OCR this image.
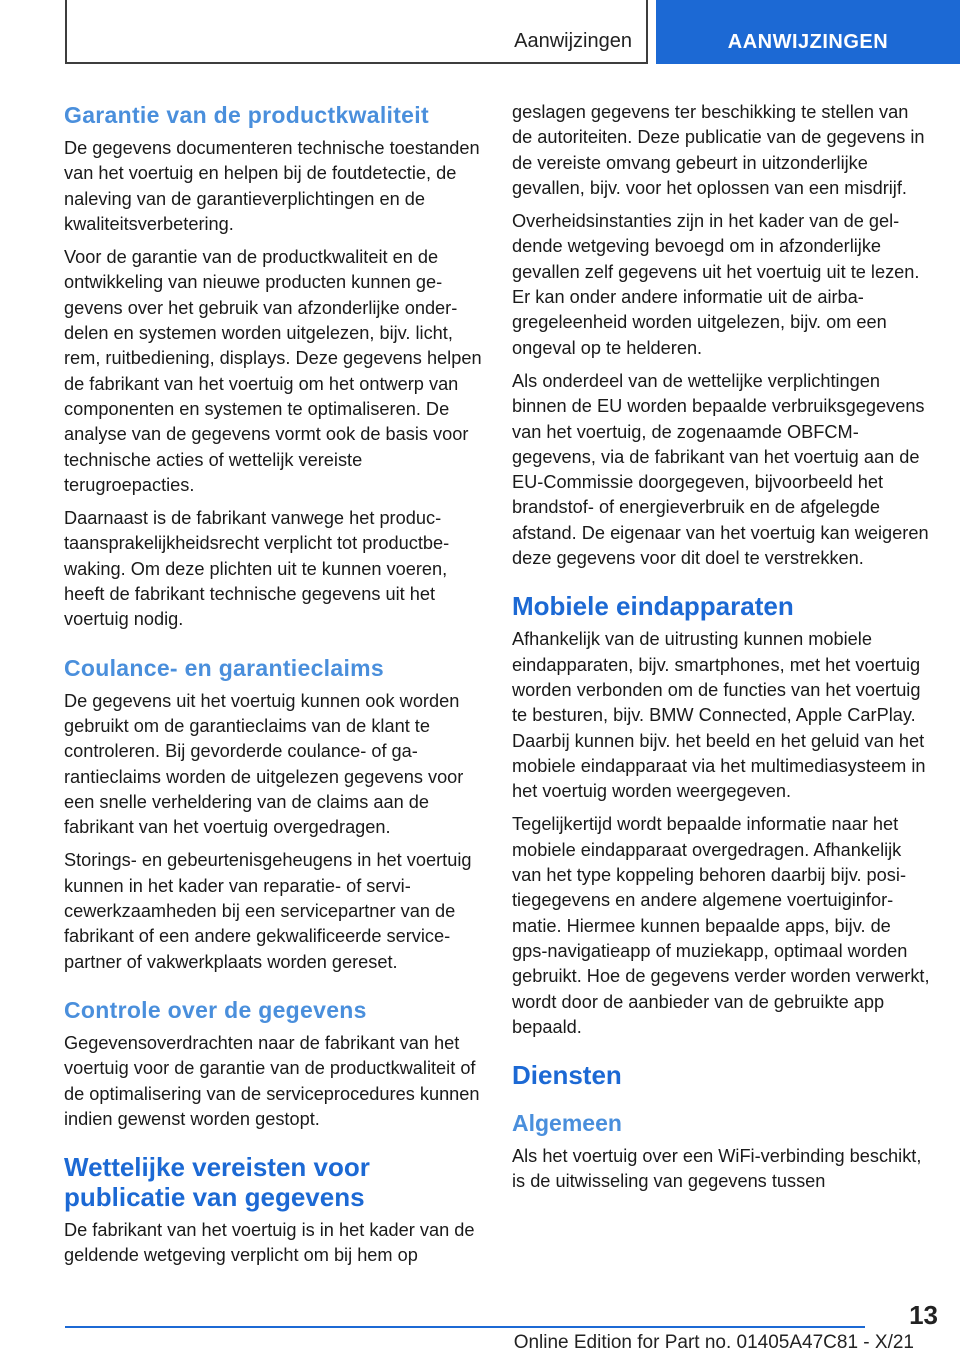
Aanwijzingen	AANWIJZINGEN
Garantie van de productkwaliteit

De gegevens documenteren technische toestanden van het voertuig en helpen bij de foutdetectie, de naleving van de garantieverplichtingen en de kwaliteitsverbetering.

Voor de garantie van de productkwaliteit en de ontwikkeling van nieuwe producten kunnen gegevens over het gebruik van afzonderlijke onderdelen en systemen worden uitgelezen, bijv. licht, rem, ruitbediening, displays. Deze gegevens helpen de fabrikant van het voertuig om het ontwerp van componenten en systemen te optimaliseren. De analyse van de gegevens vormt ook de basis voor technische acties of wettelijk vereiste terugroepacties.

Daarnaast is de fabrikant vanwege het productaansprakelijkheidsrecht verplicht tot productbewaking. Om deze plichten uit te kunnen voeren, heeft de fabrikant technische gegevens uit het voertuig nodig.

Coulance- en garantieclaims

De gegevens uit het voertuig kunnen ook worden gebruikt om de garantieclaims van de klant te controleren. Bij gevorderde coulance- of garantieclaims worden de uitgelezen gegevens voor een snelle verheldering van de claims aan de fabrikant van het voertuig overgedragen.

Storings- en gebeurtenisgeheugens in het voertuig kunnen in het kader van reparatie- of servicewerkzaamheden bij een servicepartner van de fabrikant of een andere gekwalificeerde servicepartner of vakwerkplaats worden gereset.

Controle over de gegevens

Gegevensoverdrachten naar de fabrikant van het voertuig voor de garantie van de productkwaliteit of de optimalisering van de serviceprocedures kunnen indien gewenst worden gestopt.

Wettelijke vereisten voor publicatie van gegevens

De fabrikant van het voertuig is in het kader van de geldende wetgeving verplicht om bij hem op

geslagen gegevens ter beschikking te stellen van de autoriteiten. Deze publicatie van de gegevens in de vereiste omvang gebeurt in uitzonderlijke gevallen, bijv. voor het oplossen van een misdrijf.

Overheidsinstanties zijn in het kader van de geldende wetgeving bevoegd om in afzonderlijke gevallen zelf gegevens uit het voertuig uit te lezen. Er kan onder andere informatie uit de airbagregeleenheid worden uitgelezen, bijv. om een ongeval op te helderen.

Als onderdeel van de wettelijke verplichtingen binnen de EU worden bepaalde verbruiksgegevens van het voertuig, de zogenaamde OBFCM-gegevens, via de fabrikant van het voertuig aan de EU-Commissie doorgegeven, bijvoorbeeld het brandstof- of energieverbruik en de afgelegde afstand. De eigenaar van het voertuig kan weigeren deze gegevens voor dit doel te verstrekken.

Mobiele eindapparaten

Afhankelijk van de uitrusting kunnen mobiele eindapparaten, bijv. smartphones, met het voertuig worden verbonden om de functies van het voertuig te besturen, bijv. BMW Connected, Apple CarPlay. Daarbij kunnen bijv. het beeld en het geluid van het mobiele eindapparaat via het multimediasysteem in het voertuig worden weergegeven.

Tegelijkertijd wordt bepaalde informatie naar het mobiele eindapparaat overgedragen. Afhankelijk van het type koppeling behoren daarbij bijv. positiegegevens en andere algemene voertuiginformatie. Hiermee kunnen bepaalde apps, bijv. de gps-navigatieapp of muziekapp, optimaal worden gebruikt. Hoe de gegevens verder worden verwerkt, wordt door de aanbieder van de gebruikte app bepaald.

Diensten
Algemeen

Als het voertuig over een WiFi-verbinding beschikt, is de uitwisseling van gegevens tussen

13
Online Edition for Part no. 01405A47C81 - X/21
